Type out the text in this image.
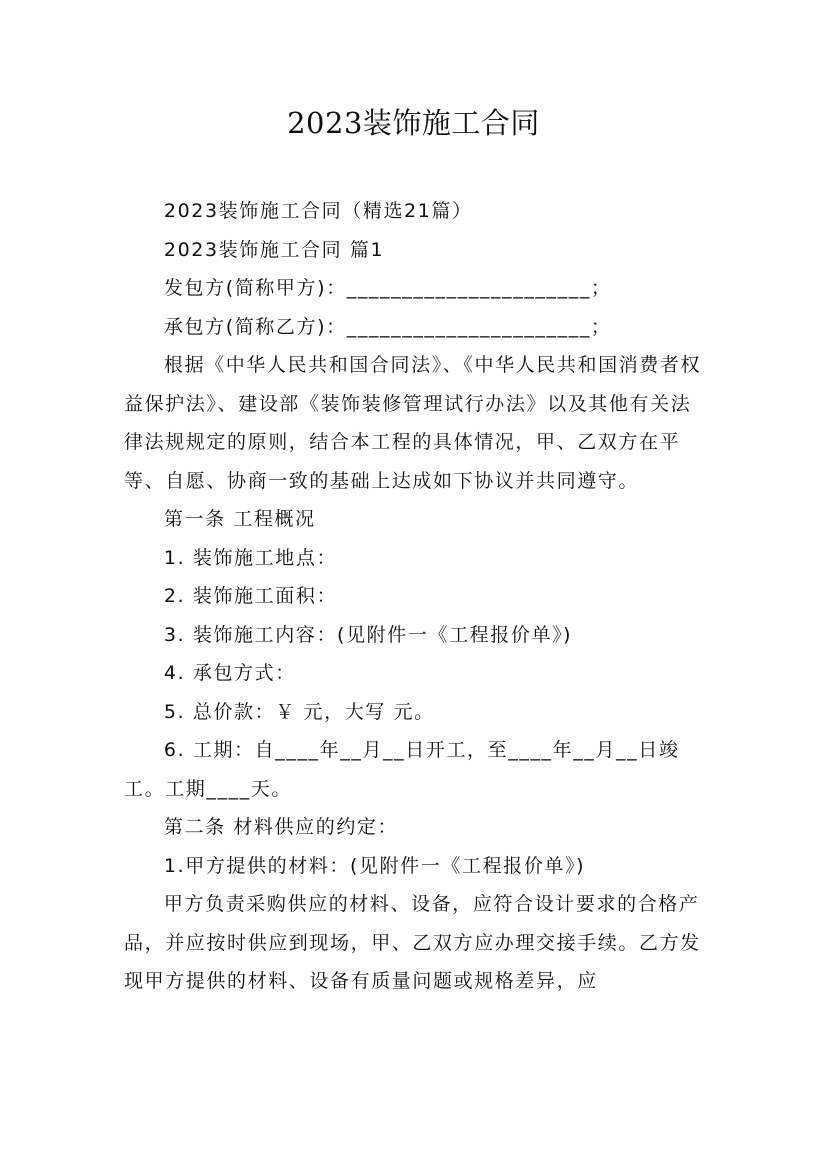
2023装饰施工合同

2023装饰施工合同（精选21篇）

2023装饰施工合同 篇1

发包方(简称甲方)：______________________；

承包方(简称乙方)：______________________；

根据《中华人民共和国合同法》、《中华人民共和国消费者权益保护法》、建设部《装饰装修管理试行办法》以及其他有关法律法规规定的原则，结合本工程的具体情况，甲、乙双方在平等、自愿、协商一致的基础上达成如下协议并共同遵守。

第一条 工程概况

1. 装饰施工地点：

2. 装饰施工面积：

3. 装饰施工内容：(见附件一《工程报价单》)

4. 承包方式：

5. 总价款：￥ 元，大写 元。

6. 工期：自____年__月__日开工，至____年__月__日竣工。工期____天。

第二条 材料供应的约定：

1.甲方提供的材料：(见附件一《工程报价单》)

甲方负责采购供应的材料、设备，应符合设计要求的合格产品，并应按时供应到现场，甲、乙双方应办理交接手续。乙方发现甲方提供的材料、设备有质量问题或规格差异，应
